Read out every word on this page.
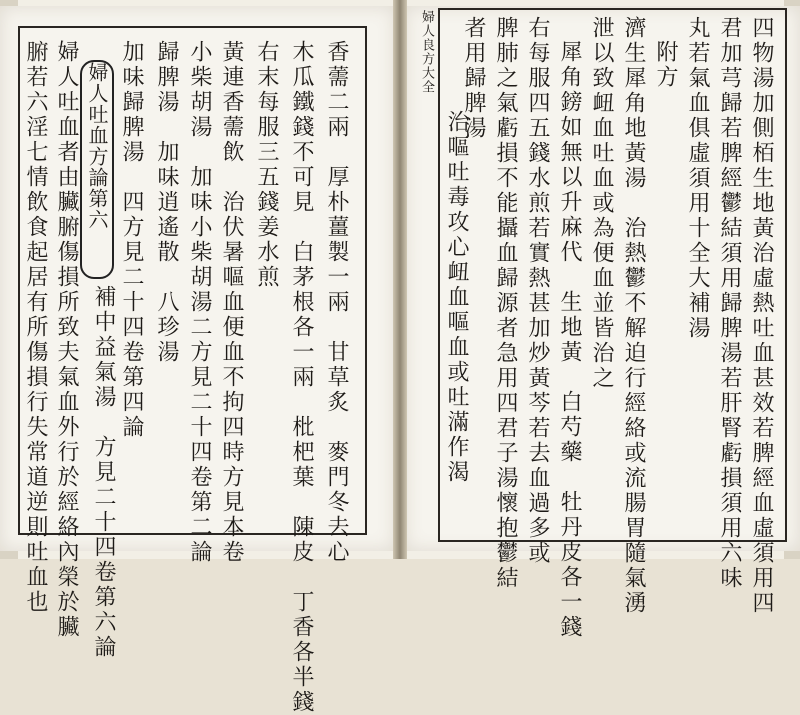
香薷二兩　厚朴薑製一兩　甘草炙　麥門冬去心
木瓜鐵錢不可見　白茅根各一兩　枇杷葉　陳皮　丁香各半錢
右末每服三五錢姜水煎
黃連香薷飲　治伏暑嘔血便血不拘四時方見本卷
小柴胡湯　加味小柴胡湯二方見二十四卷第二論
歸脾湯　加味逍遙散　八珍湯
加味歸脾湯　四方見二十四卷第四論
補中益氣湯　方見二十四卷第六論
婦人吐血方論第六
婦人吐血者由臟腑傷損所致夫氣血外行於經絡內榮於臟
腑若六淫七情飲食起居有所傷損行失常道逆則吐血也	四物湯加側栢生地黃治虛熱吐血甚效若脾經血虛須用四
君加芎歸若脾經鬱結須用歸脾湯若肝腎虧損須用六味
丸若氣血俱虛須用十全大補湯
附方
濟生犀角地黃湯　治熱鬱不解迫行經絡或流腸胃隨氣湧
泄以致衄血吐血或為便血並皆治之
犀角鎊如無以升麻代　生地黃　白芍藥　牡丹皮各一錢
右每服四五錢水煎若實熱甚加炒黃芩若去血過多或
脾肺之氣虧損不能攝血歸源者急用四君子湯懷抱鬱結
者用歸脾湯
治嘔吐毒攻心衄血嘔血或吐滿作渴
婦人良方大全
